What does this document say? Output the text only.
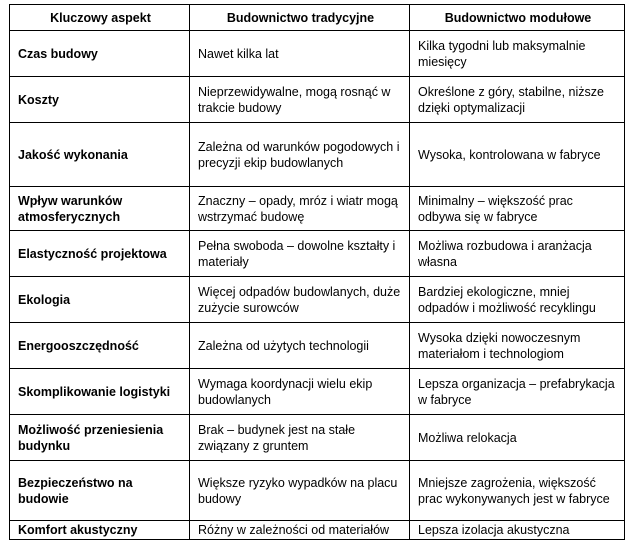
Kluczowy aspekt	Budownictwo tradycyjne	Budownictwo modułowe
Czas budowy	Nawet kilka lat	Kilka tygodni lub maksymalnie miesięcy
Koszty	Nieprzewidywalne, mogą rosnąć w trakcie budowy	Określone z góry, stabilne, niższe dzięki optymalizacji
Jakość wykonania	Zależna od warunków pogodowych i precyzji ekip budowlanych	Wysoka, kontrolowana w fabryce
Wpływ warunków atmosferycznych	Znaczny – opady, mróz i wiatr mogą wstrzymać budowę	Minimalny – większość prac odbywa się w fabryce
Elastyczność projektowa	Pełna swoboda – dowolne kształty i materiały	Możliwa rozbudowa i aranżacja własna
Ekologia	Więcej odpadów budowlanych, duże zużycie surowców	Bardziej ekologiczne, mniej odpadów i możliwość recyklingu
Energooszczędność	Zależna od użytych technologii	Wysoka dzięki nowoczesnym materiałom i technologiom
Skomplikowanie logistyki	Wymaga koordynacji wielu ekip budowlanych	Lepsza organizacja – prefabrykacja w fabryce
Możliwość przeniesienia budynku	Brak – budynek jest na stałe związany z gruntem	Możliwa relokacja
Bezpieczeństwo na budowie	Większe ryzyko wypadków na placu budowy	Mniejsze zagrożenia, większość prac wykonywanych jest w fabryce
Komfort akustyczny	Różny w zależności od materiałów	Lepsza izolacja akustyczna
